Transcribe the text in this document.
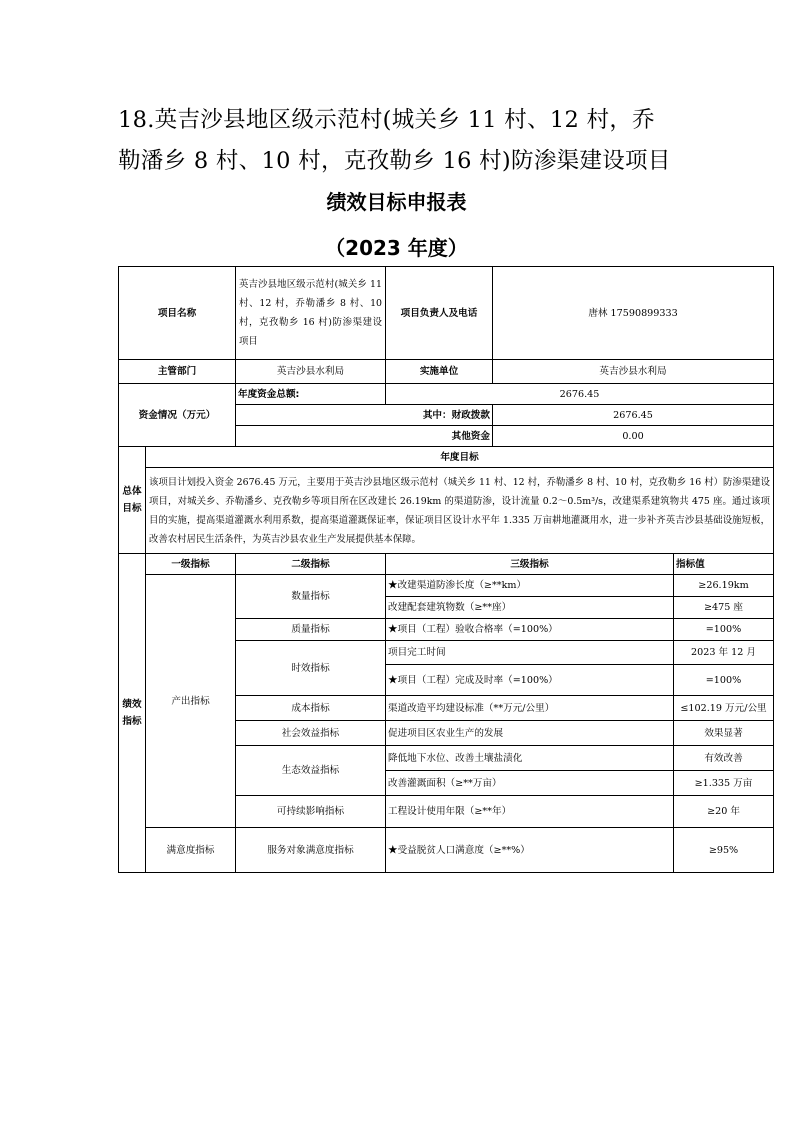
18.英吉沙县地区级示范村(城关乡 11 村、12 村，乔
勒潘乡 8 村、10 村，克孜勒乡 16 村)防渗渠建设项目
绩效目标申报表
（2023 年度）
项目名称		英吉沙县地区级示范村(城关乡 11 村、12 村，乔勒潘乡 8 村、10 村，克孜勒乡 16 村)防渗渠建设项目	项目负责人及电话	唐林 17590899333	
主管部门		英吉沙县水利局	实施单位	英吉沙县水利局	
资金情况（万元）		年度资金总额:	2676.45		
		其中：财政拨款		2676.45	
		其他资金		0.00	
总体
目标	年度目标				
	该项目计划投入资金 2676.45 万元，主要用于英吉沙县地区级示范村（城关乡 11 村、12 村，乔勒潘乡 8 村、10 村，克孜勒乡 16 村）防渗渠建设项目，对城关乡、乔勒潘乡、克孜勒乡等项目所在区改建长 26.19km 的渠道防渗，设计流量 0.2～0.5m³/s，改建渠系建筑物共 475 座。通过该项目的实施，提高渠道灌溉水利用系数，提高渠道灌溉保证率，保证项目区设计水平年 1.335 万亩耕地灌溉用水，进一步补齐英吉沙县基础设施短板，改善农村居民生活条件，为英吉沙县农业生产发展提供基本保障。				
绩效
指标	一级指标	二级指标	三级指标		指标值
	产出指标	数量指标	★改建渠道防渗长度（≥**km）		≥26.19km
			改建配套建筑物数（≥**座）		≥475 座
		质量指标	★项目（工程）验收合格率（=100%）		=100%
		时效指标	项目完工时间		2023 年 12 月
			★项目（工程）完成及时率（=100%）		=100%
		成本指标	渠道改造平均建设标准（**万元/公里）		≤102.19 万元/公里
		社会效益指标	促进项目区农业生产的发展		效果显著
		生态效益指标	降低地下水位、改善土壤盐渍化		有效改善
			改善灌溉面积（≥**万亩）		≥1.335 万亩
		可持续影响指标	工程设计使用年限（≥**年）		≥20 年
	满意度指标	服务对象满意度指标	★受益脱贫人口满意度（≥**%）		≥95%
